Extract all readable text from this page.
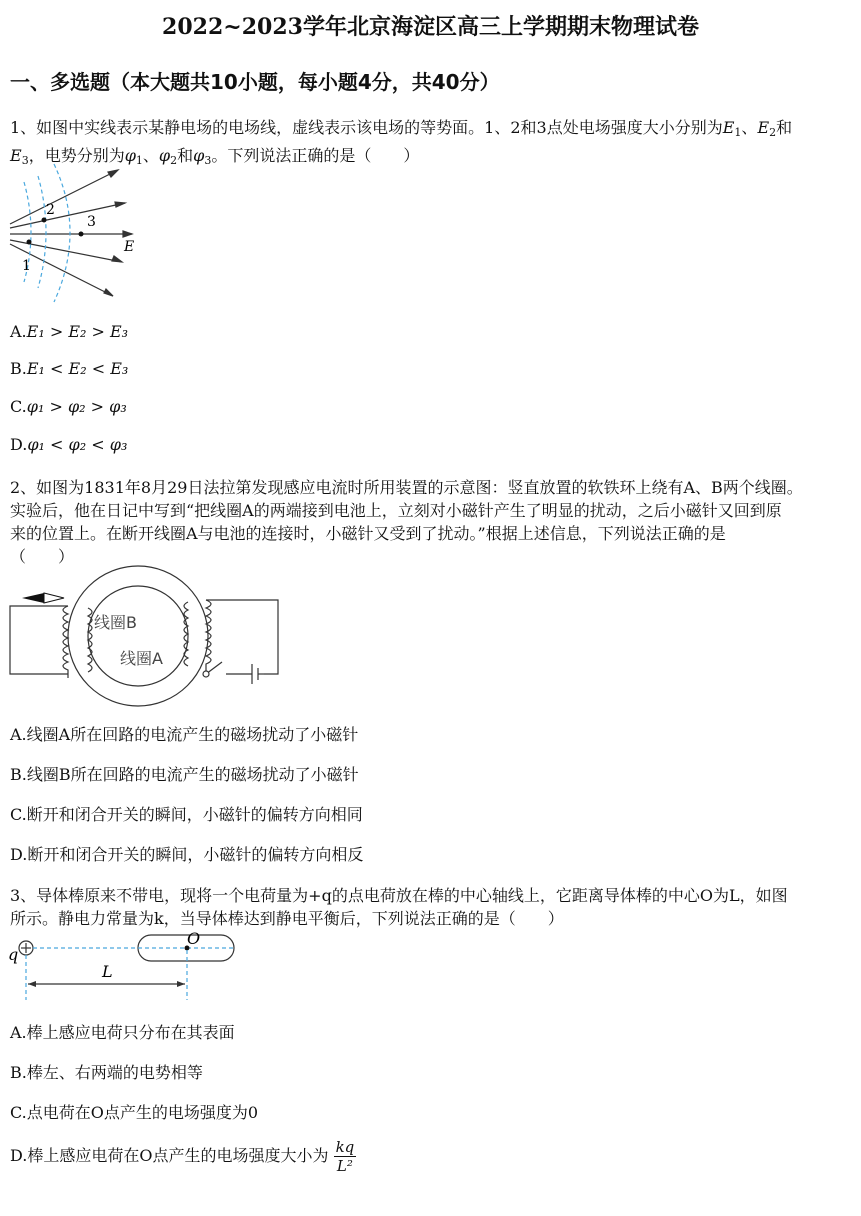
2022~2023学年北京海淀区高三上学期期末物理试卷
一、多选题（本大题共10小题，每小题4分，共40分）
1、如图中实线表示某静电场的电场线，虚线表示该电场的等势面。1、2和3点处电场强度大小分别为$E_1$、$E_2$和
$E_3$，电势分别为$\varphi_1$、$\varphi_2$和$\varphi_3$。下列说法正确的是（　　）
1
2
3
E
A.E₁ > E₂ > E₃
B.E₁ < E₂ < E₃
C.φ₁ > φ₂ > φ₃
D.φ₁ < φ₂ < φ₃
2、如图为1831年8月29日法拉第发现感应电流时所用装置的示意图：竖直放置的软铁环上绕有A、B两个线圈。
实验后，他在日记中写到“把线圈A的两端接到电池上，立刻对小磁针产生了明显的扰动，之后小磁针又回到原
来的位置上。在断开线圈A与电池的连接时，小磁针又受到了扰动。”根据上述信息，下列说法正确的是
（　　）
线圈B
线圈A
A.线圈A所在回路的电流产生的磁场扰动了小磁针
B.线圈B所在回路的电流产生的磁场扰动了小磁针
C.断开和闭合开关的瞬间，小磁针的偏转方向相同
D.断开和闭合开关的瞬间，小磁针的偏转方向相反
3、导体棒原来不带电，现将一个电荷量为+q的点电荷放在棒的中心轴线上，它距离导体棒的中心O为L，如图
所示。静电力常量为k，当导体棒达到静电平衡后，下列说法正确的是（　　）
q
O
L
A.棒上感应电荷只分布在其表面
B.棒左、右两端的电势相等
C.点电荷在O点产生的电场强度为0
D.棒上感应电荷在O点产生的电场强度大小为 $\frac{kq}{\text{L²}}$
